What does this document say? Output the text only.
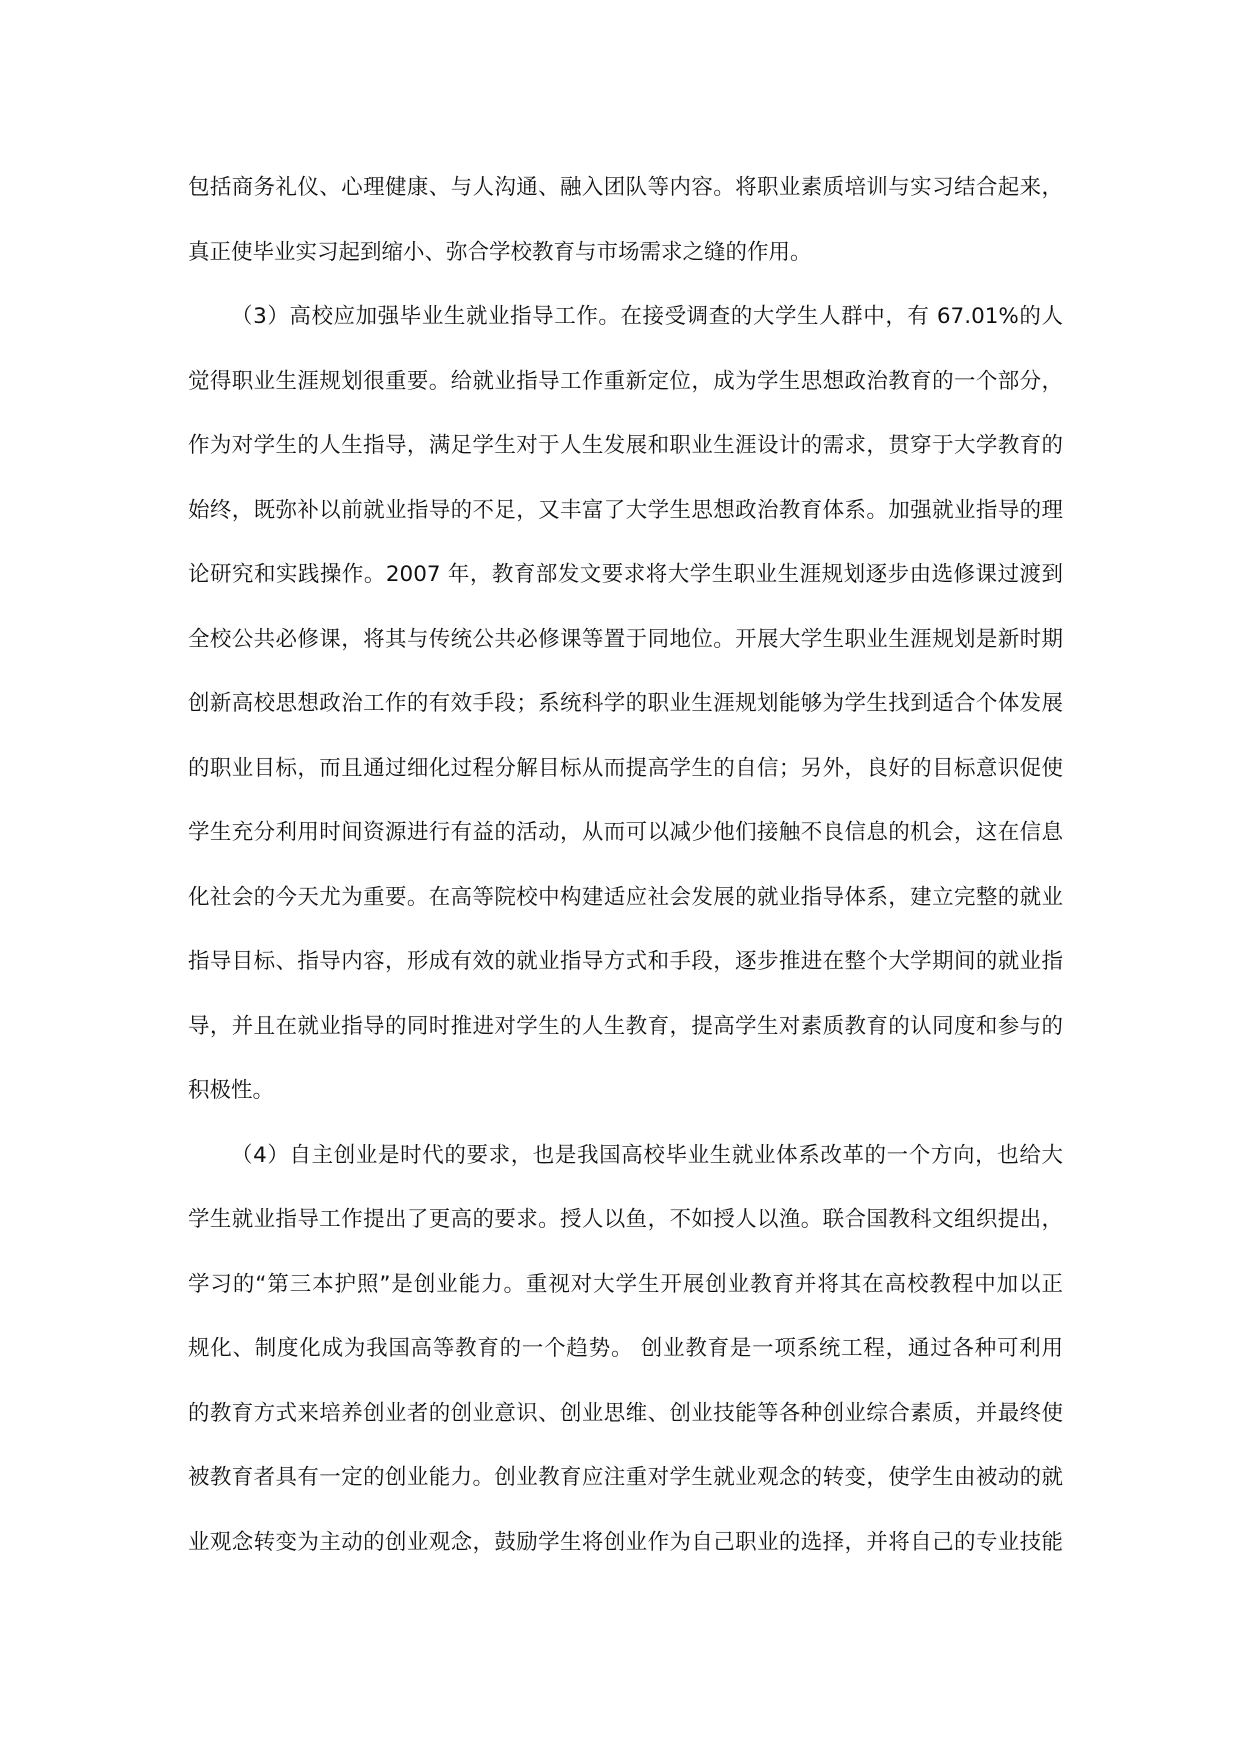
包括商务礼仪、心理健康、与人沟通、融入团队等内容。将职业素质培训与实习结合起来，
真正使毕业实习起到缩小、弥合学校教育与市场需求之缝的作用。
（3）高校应加强毕业生就业指导工作。在接受调查的大学生人群中，有 67.01%的人
觉得职业生涯规划很重要。给就业指导工作重新定位，成为学生思想政治教育的一个部分，
作为对学生的人生指导，满足学生对于人生发展和职业生涯设计的需求，贯穿于大学教育的
始终，既弥补以前就业指导的不足，又丰富了大学生思想政治教育体系。加强就业指导的理
论研究和实践操作。2007 年，教育部发文要求将大学生职业生涯规划逐步由选修课过渡到
全校公共必修课，将其与传统公共必修课等置于同地位。开展大学生职业生涯规划是新时期
创新高校思想政治工作的有效手段；系统科学的职业生涯规划能够为学生找到适合个体发展
的职业目标，而且通过细化过程分解目标从而提高学生的自信；另外，良好的目标意识促使
学生充分利用时间资源进行有益的活动，从而可以减少他们接触不良信息的机会，这在信息
化社会的今天尤为重要。在高等院校中构建适应社会发展的就业指导体系，建立完整的就业
指导目标、指导内容，形成有效的就业指导方式和手段，逐步推进在整个大学期间的就业指
导，并且在就业指导的同时推进对学生的人生教育，提高学生对素质教育的认同度和参与的
积极性。
（4）自主创业是时代的要求，也是我国高校毕业生就业体系改革的一个方向，也给大
学生就业指导工作提出了更高的要求。授人以鱼，不如授人以渔。联合国教科文组织提出，
学习的“第三本护照”是创业能力。重视对大学生开展创业教育并将其在高校教程中加以正
规化、制度化成为我国高等教育的一个趋势。 创业教育是一项系统工程，通过各种可利用
的教育方式来培养创业者的创业意识、创业思维、创业技能等各种创业综合素质，并最终使
被教育者具有一定的创业能力。创业教育应注重对学生就业观念的转变，使学生由被动的就
业观念转变为主动的创业观念，鼓励学生将创业作为自己职业的选择，并将自己的专业技能
